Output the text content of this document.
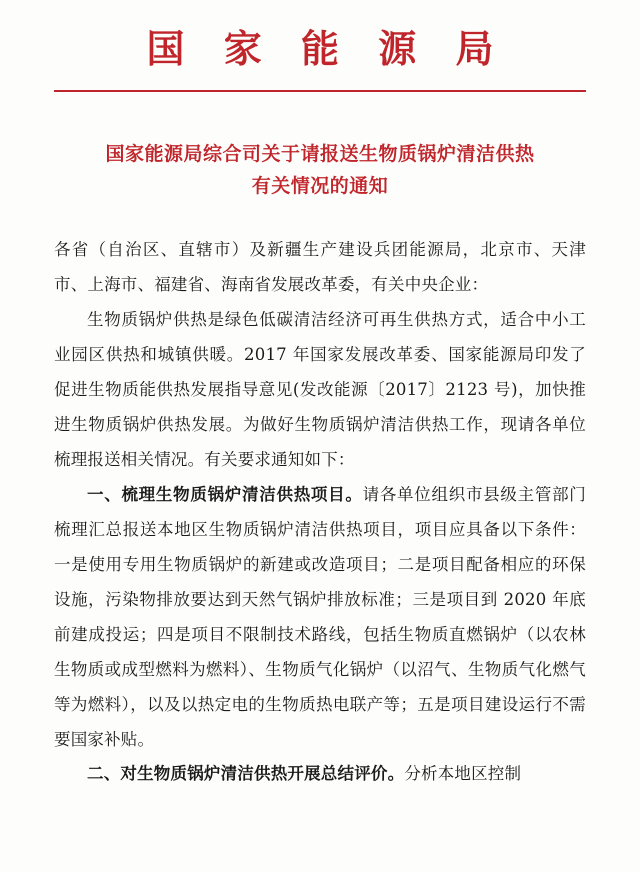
国 家 能 源 局
国家能源局综合司关于请报送生物质锅炉清洁供热
有关情况的通知

各省（自治区、直辖市）及新疆生产建设兵团能源局，北京市、天津市、上海市、福建省、海南省发展改革委，有关中央企业：

生物质锅炉供热是绿色低碳清洁经济可再生供热方式，适合中小工业园区供热和城镇供暖。2017 年国家发展改革委、国家能源局印发了促进生物质能供热发展指导意见(发改能源〔2017〕2123 号)，加快推进生物质锅炉供热发展。为做好生物质锅炉清洁供热工作，现请各单位梳理报送相关情况。有关要求通知如下：

一、梳理生物质锅炉清洁供热项目。请各单位组织市县级主管部门梳理汇总报送本地区生物质锅炉清洁供热项目，项目应具备以下条件：一是使用专用生物质锅炉的新建或改造项目；二是项目配备相应的环保设施，污染物排放要达到天然气锅炉排放标准；三是项目到 2020 年底前建成投运；四是项目不限制技术路线，包括生物质直燃锅炉（以农林生物质或成型燃料为燃料）、生物质气化锅炉（以沼气、生物质气化燃气等为燃料），以及以热定电的生物质热电联产等；五是项目建设运行不需要国家补贴。

二、对生物质锅炉清洁供热开展总结评价。分析本地区控制
